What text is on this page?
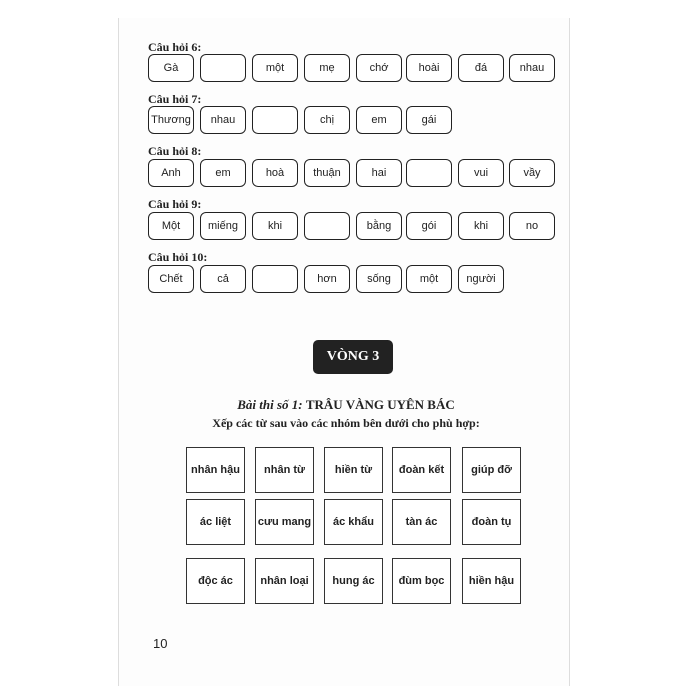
Câu hỏi 6:
Gà	một	mẹ	chớ	hoài	đá	nhau
Câu hỏi 7:
Thương	nhau	chị	em	gái
Câu hỏi 8:
Anh	em	hoà	thuận	hai	vui	vầy
Câu hỏi 9:
Một	miếng	khi	bằng	gói	khi	no
Câu hỏi 10:
Chết	cả	hơn	sống	một	người
VÒNG 3
Bài thi số 1: TRÂU VÀNG UYÊN BÁC
Xếp các từ sau vào các nhóm bên dưới cho phù hợp:
nhân hậu	nhân từ	hiền từ	đoàn kết	giúp đỡ
ác liệt	cưu mang	ác khẩu	tàn ác	đoàn tụ
độc ác	nhân loại	hung ác	đùm bọc	hiền hậu
10
